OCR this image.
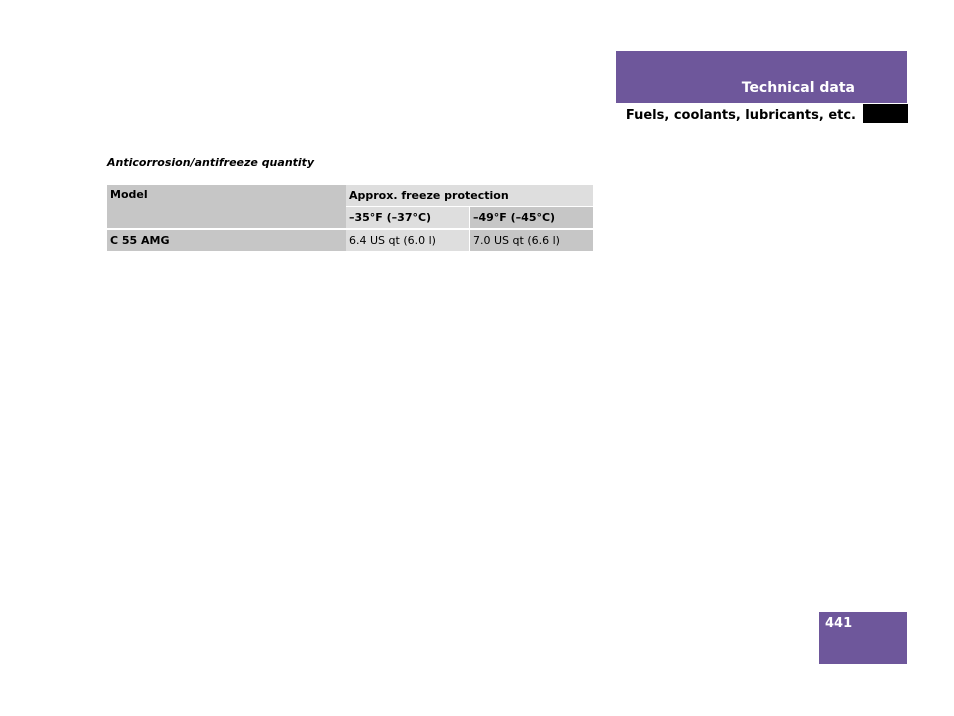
Technical data
Fuels, coolants, lubricants, etc.
Anticorrosion/antifreeze quantity
Model	Approx. freeze protection	
	–35°F (–37°C)	–49°F (–45°C)
C 55 AMG	6.4 US qt (6.0 l)	7.0 US qt (6.6 l)
441
